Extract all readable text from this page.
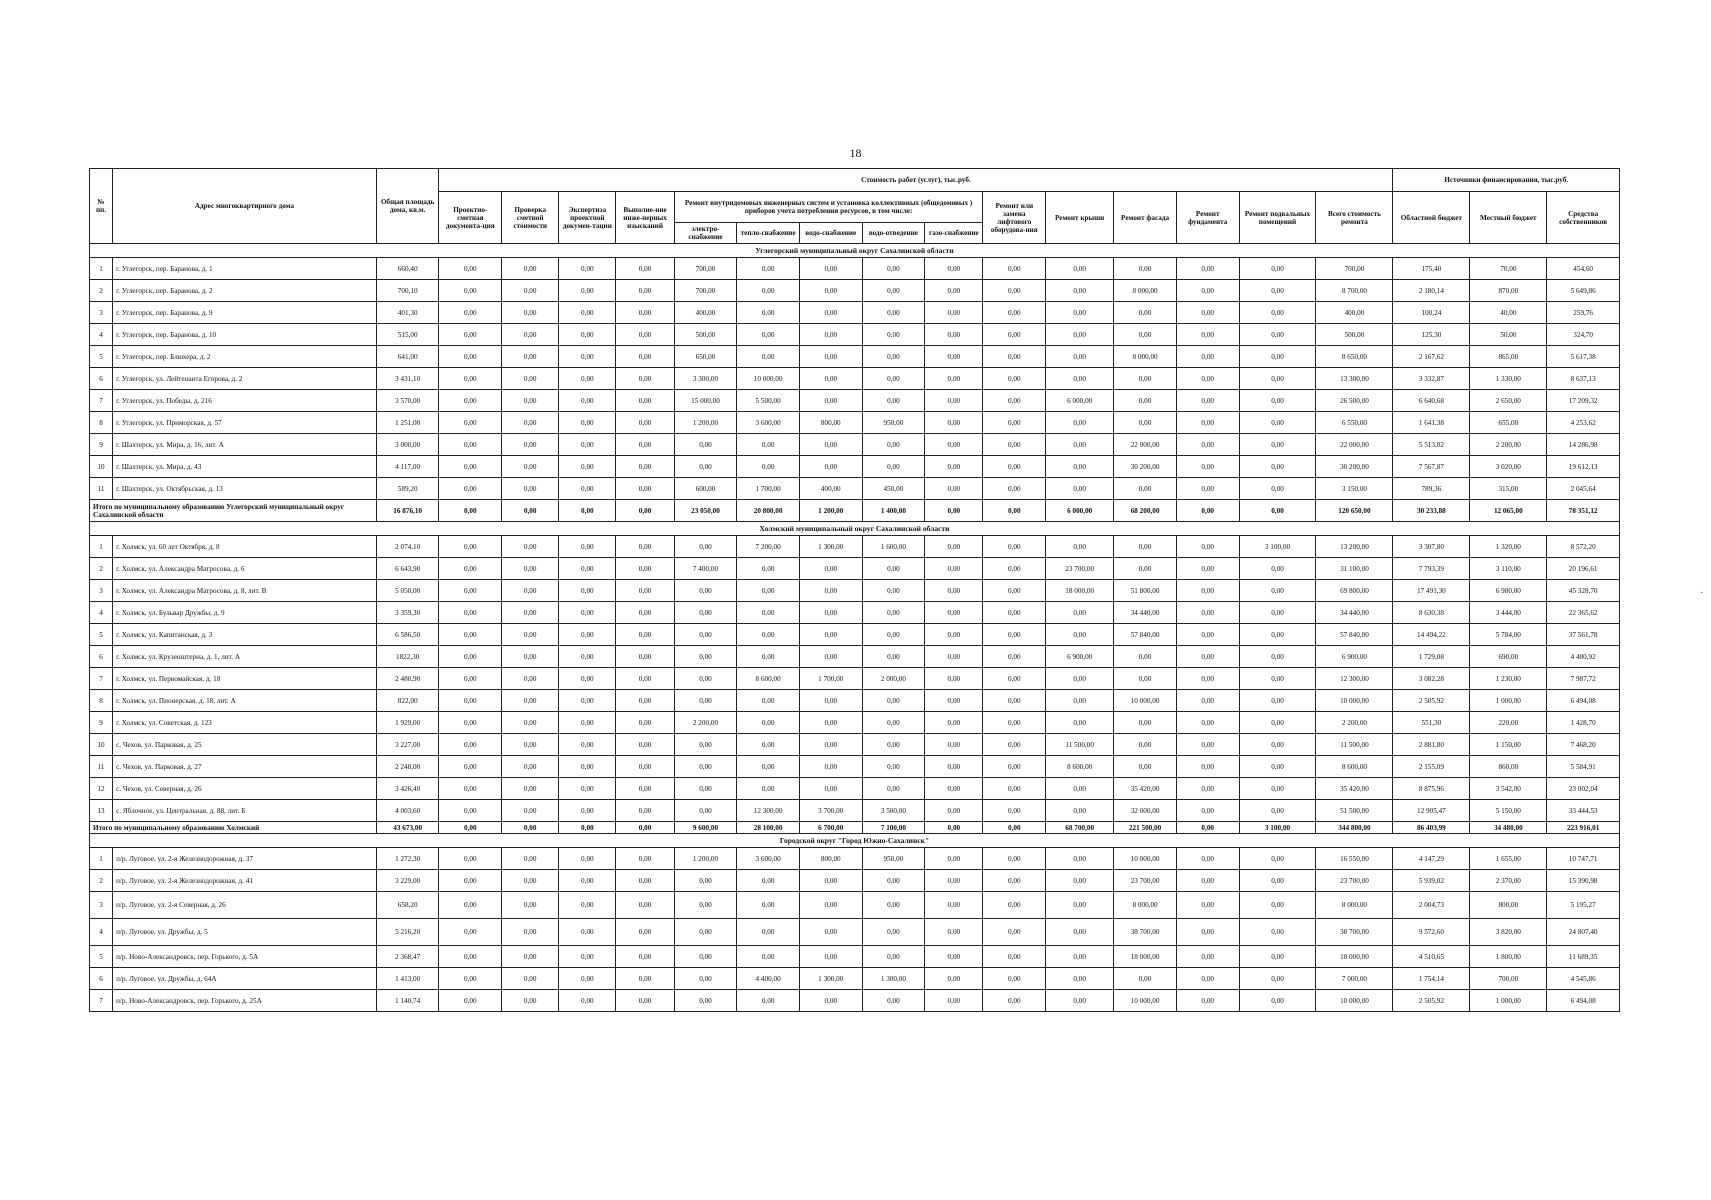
18
№ пп.	Адрес многоквартирного дома	Общая площадь дома, кв.м.	Стоимость работ (услуг), тыс.руб.															Источники финансирования, тыс.руб.		
			Проектно-сметная документа-ция	Проверка сметной стоимости	Экспертиза проектной докумен-тации	Выполне-ние инже-нерных изысканий	Ремонт внутридомовых инженерных систем и установка коллективных (общедомовых ) приборов учета потребления ресурсов, в том числе:					Ремонт или замена лифтового оборудова-ния	Ремонт крыши	Ремонт фасада	Ремонт фундамента	Ремонт подвальных помещений	Всего стоимость ремонта	Областной бюджет	Местный бюджет	Средства собственников
							электро-снабжение	тепло-снабжение	водо-снабжение	водо-отведение	газо-снабжение									
Углегорский муниципальный округ Сахалинской области																				
1	г. Углегорск, пер. Баранова, д. 1	660,40	0,00	0,00	0,00	0,00	700,00	0,00	0,00	0,00	0,00	0,00	0,00	0,00	0,00	0,00	700,00	175,40	70,00	454,60
2	г. Углегорск, пер. Баранова, д. 2	700,10	0,00	0,00	0,00	0,00	700,00	0,00	0,00	0,00	0,00	0,00	0,00	8 000,00	0,00	0,00	8 700,00	2 180,14	870,00	5 649,86
3	г. Углегорск, пер. Баранова, д. 9	401,30	0,00	0,00	0,00	0,00	400,00	0,00	0,00	0,00	0,00	0,00	0,00	0,00	0,00	0,00	400,00	100,24	40,00	259,76
4	г. Углегорск, пер. Баранова, д. 10	515,00	0,00	0,00	0,00	0,00	500,00	0,00	0,00	0,00	0,00	0,00	0,00	0,00	0,00	0,00	500,00	125,30	50,00	324,70
5	г. Углегорск, пер. Блюхера, д. 2	641,00	0,00	0,00	0,00	0,00	650,00	0,00	0,00	0,00	0,00	0,00	0,00	8 000,00	0,00	0,00	8 650,00	2 167,62	865,00	5 617,38
6	г. Углегорск, ул. Лейтенанта Егорова, д. 2	3 431,10	0,00	0,00	0,00	0,00	3 300,00	10 000,00	0,00	0,00	0,00	0,00	0,00	0,00	0,00	0,00	13 300,00	3 332,87	1 330,00	8 637,13
7	г. Углегорск, ул. Победы, д. 216	3 570,00	0,00	0,00	0,00	0,00	15 000,00	5 500,00	0,00	0,00	0,00	0,00	6 000,00	0,00	0,00	0,00	26 500,00	6 640,68	2 650,00	17 209,32
8	г. Углегорск, ул. Приморская, д. 57	1 251,00	0,00	0,00	0,00	0,00	1 200,00	3 600,00	800,00	950,00	0,00	0,00	0,00	0,00	0,00	0,00	6 550,00	1 641,38	655,00	4 253,62
9	г. Шахтерск, ул. Мира, д. 16, лит. А	3 000,00	0,00	0,00	0,00	0,00	0,00	0,00	0,00	0,00	0,00	0,00	0,00	22 000,00	0,00	0,00	22 000,00	5 513,02	2 200,00	14 286,98
10	г. Шахтерск, ул. Мира, д. 43	4 117,00	0,00	0,00	0,00	0,00	0,00	0,00	0,00	0,00	0,00	0,00	0,00	30 200,00	0,00	0,00	30 200,00	7 567,87	3 020,00	19 612,13
11	г. Шахтерск, ул. Октябрьская, д. 13	589,20	0,00	0,00	0,00	0,00	600,00	1 700,00	400,00	450,00	0,00	0,00	0,00	0,00	0,00	0,00	3 150,00	789,36	315,00	2 045,64
Итого по муниципальному образованию Углегорский муниципальный округ Сахалинской области		16 876,10	0,00	0,00	0,00	0,00	23 050,00	20 800,00	1 200,00	1 400,00	0,00	0,00	6 000,00	68 200,00	0,00	0,00	120 650,00	30 233,88	12 065,00	78 351,12
Холмский муниципальный округ Сахалинской области																				
1	г. Холмск, ул. 60 лет Октября, д. 8	2 074,10	0,00	0,00	0,00	0,00	0,00	7 200,00	1 300,00	1 600,00	0,00	0,00	0,00	0,00	0,00	3 100,00	13 200,00	3 307,80	1 320,00	8 572,20
2	г. Холмск, ул. Александра Матросова, д. 6	6 643,90	0,00	0,00	0,00	0,00	7 400,00	0,00	0,00	0,00	0,00	0,00	23 700,00	0,00	0,00	0,00	31 100,00	7 793,39	3 110,00	20 196,61
3	г. Холмск, ул. Александра Матросова, д. 8, лит. В	5 050,00	0,00	0,00	0,00	0,00	0,00	0,00	0,00	0,00	0,00	0,00	18 000,00	51 800,00	0,00	0,00	69 800,00	17 491,30	6 980,00	45 328,70
4	г. Холмск, ул. Бульвар Дружбы, д. 9	3 359,30	0,00	0,00	0,00	0,00	0,00	0,00	0,00	0,00	0,00	0,00	0,00	34 440,00	0,00	0,00	34 440,00	8 630,38	3 444,00	22 365,62
5	г. Холмск, ул. Капитанская, д. 3	6 586,50	0,00	0,00	0,00	0,00	0,00	0,00	0,00	0,00	0,00	0,00	0,00	57 840,00	0,00	0,00	57 840,00	14 494,22	5 784,00	37 561,78
6	г. Холмск, ул. Крузенштерна, д. 1, лит. А	1822,30	0,00	0,00	0,00	0,00	0,00	0,00	0,00	0,00	0,00	0,00	6 900,00	0,00	0,00	0,00	6 900,00	1 729,08	690,00	4 480,92
7	г. Холмск, ул. Первомайская, д. 18	2 480,90	0,00	0,00	0,00	0,00	0,00	8 600,00	1 700,00	2 000,00	0,00	0,00	0,00	0,00	0,00	0,00	12 300,00	3 082,28	1 230,00	7 987,72
8	г. Холмск, ул. Пионерская, д. 18, лит. А	822,00	0,00	0,00	0,00	0,00	0,00	0,00	0,00	0,00	0,00	0,00	0,00	10 000,00	0,00	0,00	10 000,00	2 505,92	1 000,00	6 494,08
9	г. Холмск, ул. Советская, д. 123	1 929,00	0,00	0,00	0,00	0,00	2 200,00	0,00	0,00	0,00	0,00	0,00	0,00	0,00	0,00	0,00	2 200,00	551,30	220,00	1 428,70
10	с. Чехов, ул. Парковая, д. 25	3 227,00	0,00	0,00	0,00	0,00	0,00	0,00	0,00	0,00	0,00	0,00	11 500,00	0,00	0,00	0,00	11 500,00	2 881,80	1 150,00	7 468,20
11	с. Чехов, ул. Парковая, д. 27	2 248,00	0,00	0,00	0,00	0,00	0,00	0,00	0,00	0,00	0,00	0,00	8 600,00	0,00	0,00	0,00	8 600,00	2 155,09	860,00	5 584,91
12	с. Чехов, ул. Северная, д. 26	3 426,40	0,00	0,00	0,00	0,00	0,00	0,00	0,00	0,00	0,00	0,00	0,00	35 420,00	0,00	0,00	35 420,00	8 875,96	3 542,00	23 002,04
13	с. Яблочное, ул. Центральная, д. 88, лит. Б	4 003,60	0,00	0,00	0,00	0,00	0,00	12 300,00	3 700,00	3 500,00	0,00	0,00	0,00	32 000,00	0,00	0,00	51 500,00	12 905,47	5 150,00	33 444,53
Итого по муниципальному образованию Холмский		43 673,00	0,00	0,00	0,00	0,00	9 600,00	28 100,00	6 700,00	7 100,00	0,00	0,00	68 700,00	221 500,00	0,00	3 100,00	344 800,00	86 403,99	34 480,00	223 916,01
Городской округ "Город Южно-Сахалинск"																				
1	п/р. Луговое, ул. 2-я Железнодорожная, д. 37	1 272,30	0,00	0,00	0,00	0,00	1 200,00	3 600,00	800,00	950,00	0,00	0,00	0,00	10 000,00	0,00	0,00	16 550,00	4 147,29	1 655,00	10 747,71
2	п/р. Луговое, ул. 2-я Железнодорожная, д. 41	3 229,00	0,00	0,00	0,00	0,00	0,00	0,00	0,00	0,00	0,00	0,00	0,00	23 700,00	0,00	0,00	23 700,00	5 939,02	2 370,00	15 390,98
3	п/р. Луговое, ул. 2-я Северная, д. 26	658,20	0,00	0,00	0,00	0,00	0,00	0,00	0,00	0,00	0,00	0,00	0,00	8 000,00	0,00	0,00	8 000,00	2 004,73	800,00	5 195,27
4	п/р. Луговое, ул. Дружбы, д. 5	5 216,20	0,00	0,00	0,00	0,00	0,00	0,00	0,00	0,00	0,00	0,00	0,00	38 700,00	0,00	0,00	38 700,00	9 572,60	3 820,00	24 807,40
5	п/р. Ново-Александровск, пер. Горького, д. 5А	2 368,47	0,00	0,00	0,00	0,00	0,00	0,00	0,00	0,00	0,00	0,00	0,00	18 000,00	0,00	0,00	18 000,00	4 510,65	1 800,00	11 689,35
6	п/р. Луговое, ул. Дружбы, д. 64А	1 413,00	0,00	0,00	0,00	0,00	0,00	4 400,00	1 300,00	1 300,00	0,00	0,00	0,00	0,00	0,00	0,00	7 000,00	1 754,14	700,00	4 545,86
7	п/р. Ново-Александровск, пер. Горького, д. 25А	1 140,74	0,00	0,00	0,00	0,00	0,00	0,00	0,00	0,00	0,00	0,00	0,00	10 000,00	0,00	0,00	10 000,00	2 505,92	1 000,00	6 494,08
·
